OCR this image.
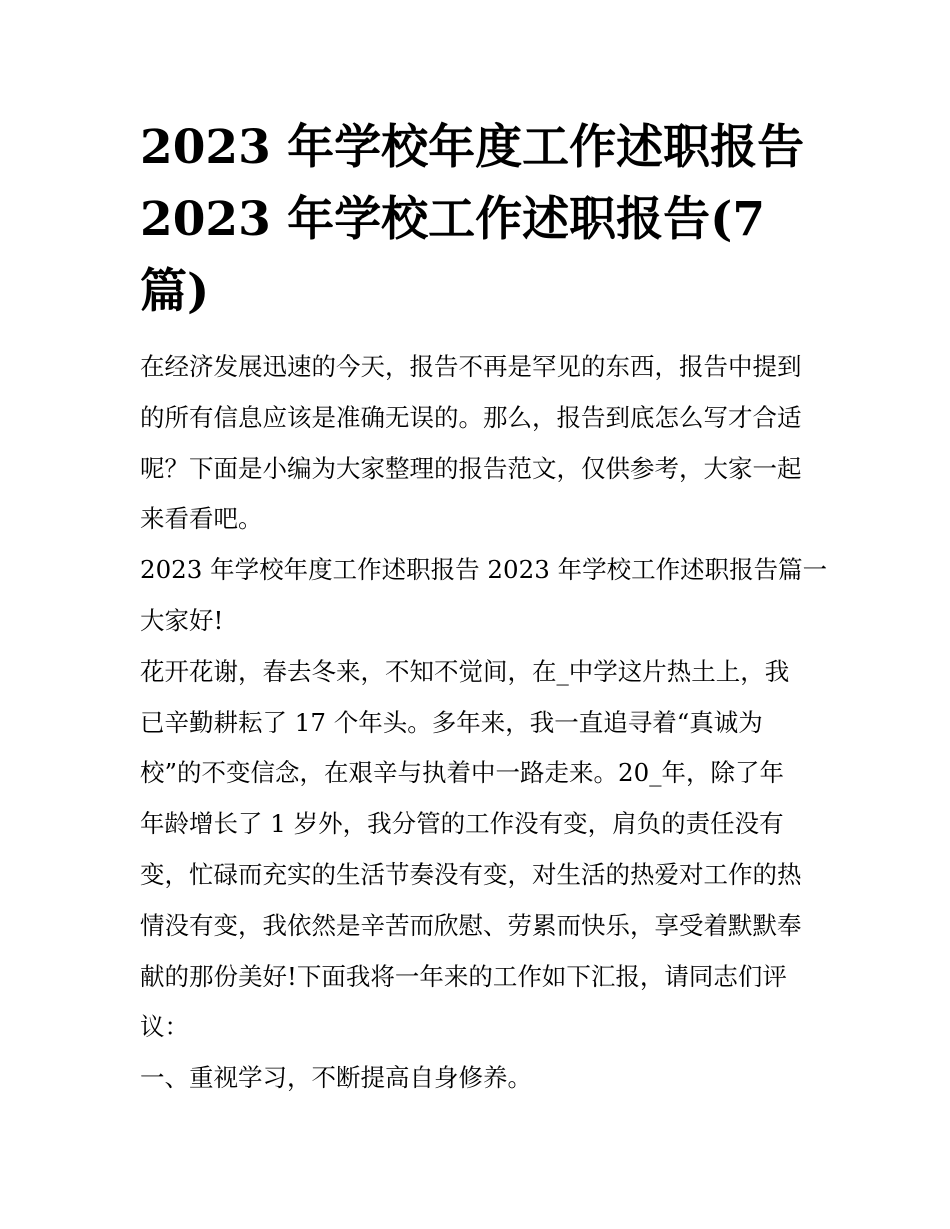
2023 年学校年度工作述职报告
2023 年学校工作述职报告(7
篇)

在经济发展迅速的今天，报告不再是罕见的东西，报告中提到

的所有信息应该是准确无误的。那么，报告到底怎么写才合适

呢？下面是小编为大家整理的报告范文，仅供参考，大家一起

来看看吧。

2023 年学校年度工作述职报告 2023 年学校工作述职报告篇一

大家好!

花开花谢，春去冬来，不知不觉间，在_中学这片热土上，我

已辛勤耕耘了 17 个年头。多年来，我一直追寻着“真诚为

校”的不变信念，在艰辛与执着中一路走来。20_年，除了年

年龄增长了 1 岁外，我分管的工作没有变，肩负的责任没有

变，忙碌而充实的生活节奏没有变，对生活的热爱对工作的热

情没有变，我依然是辛苦而欣慰、劳累而快乐，享受着默默奉

献的那份美好!下面我将一年来的工作如下汇报，请同志们评

议：

一、重视学习，不断提高自身修养。
